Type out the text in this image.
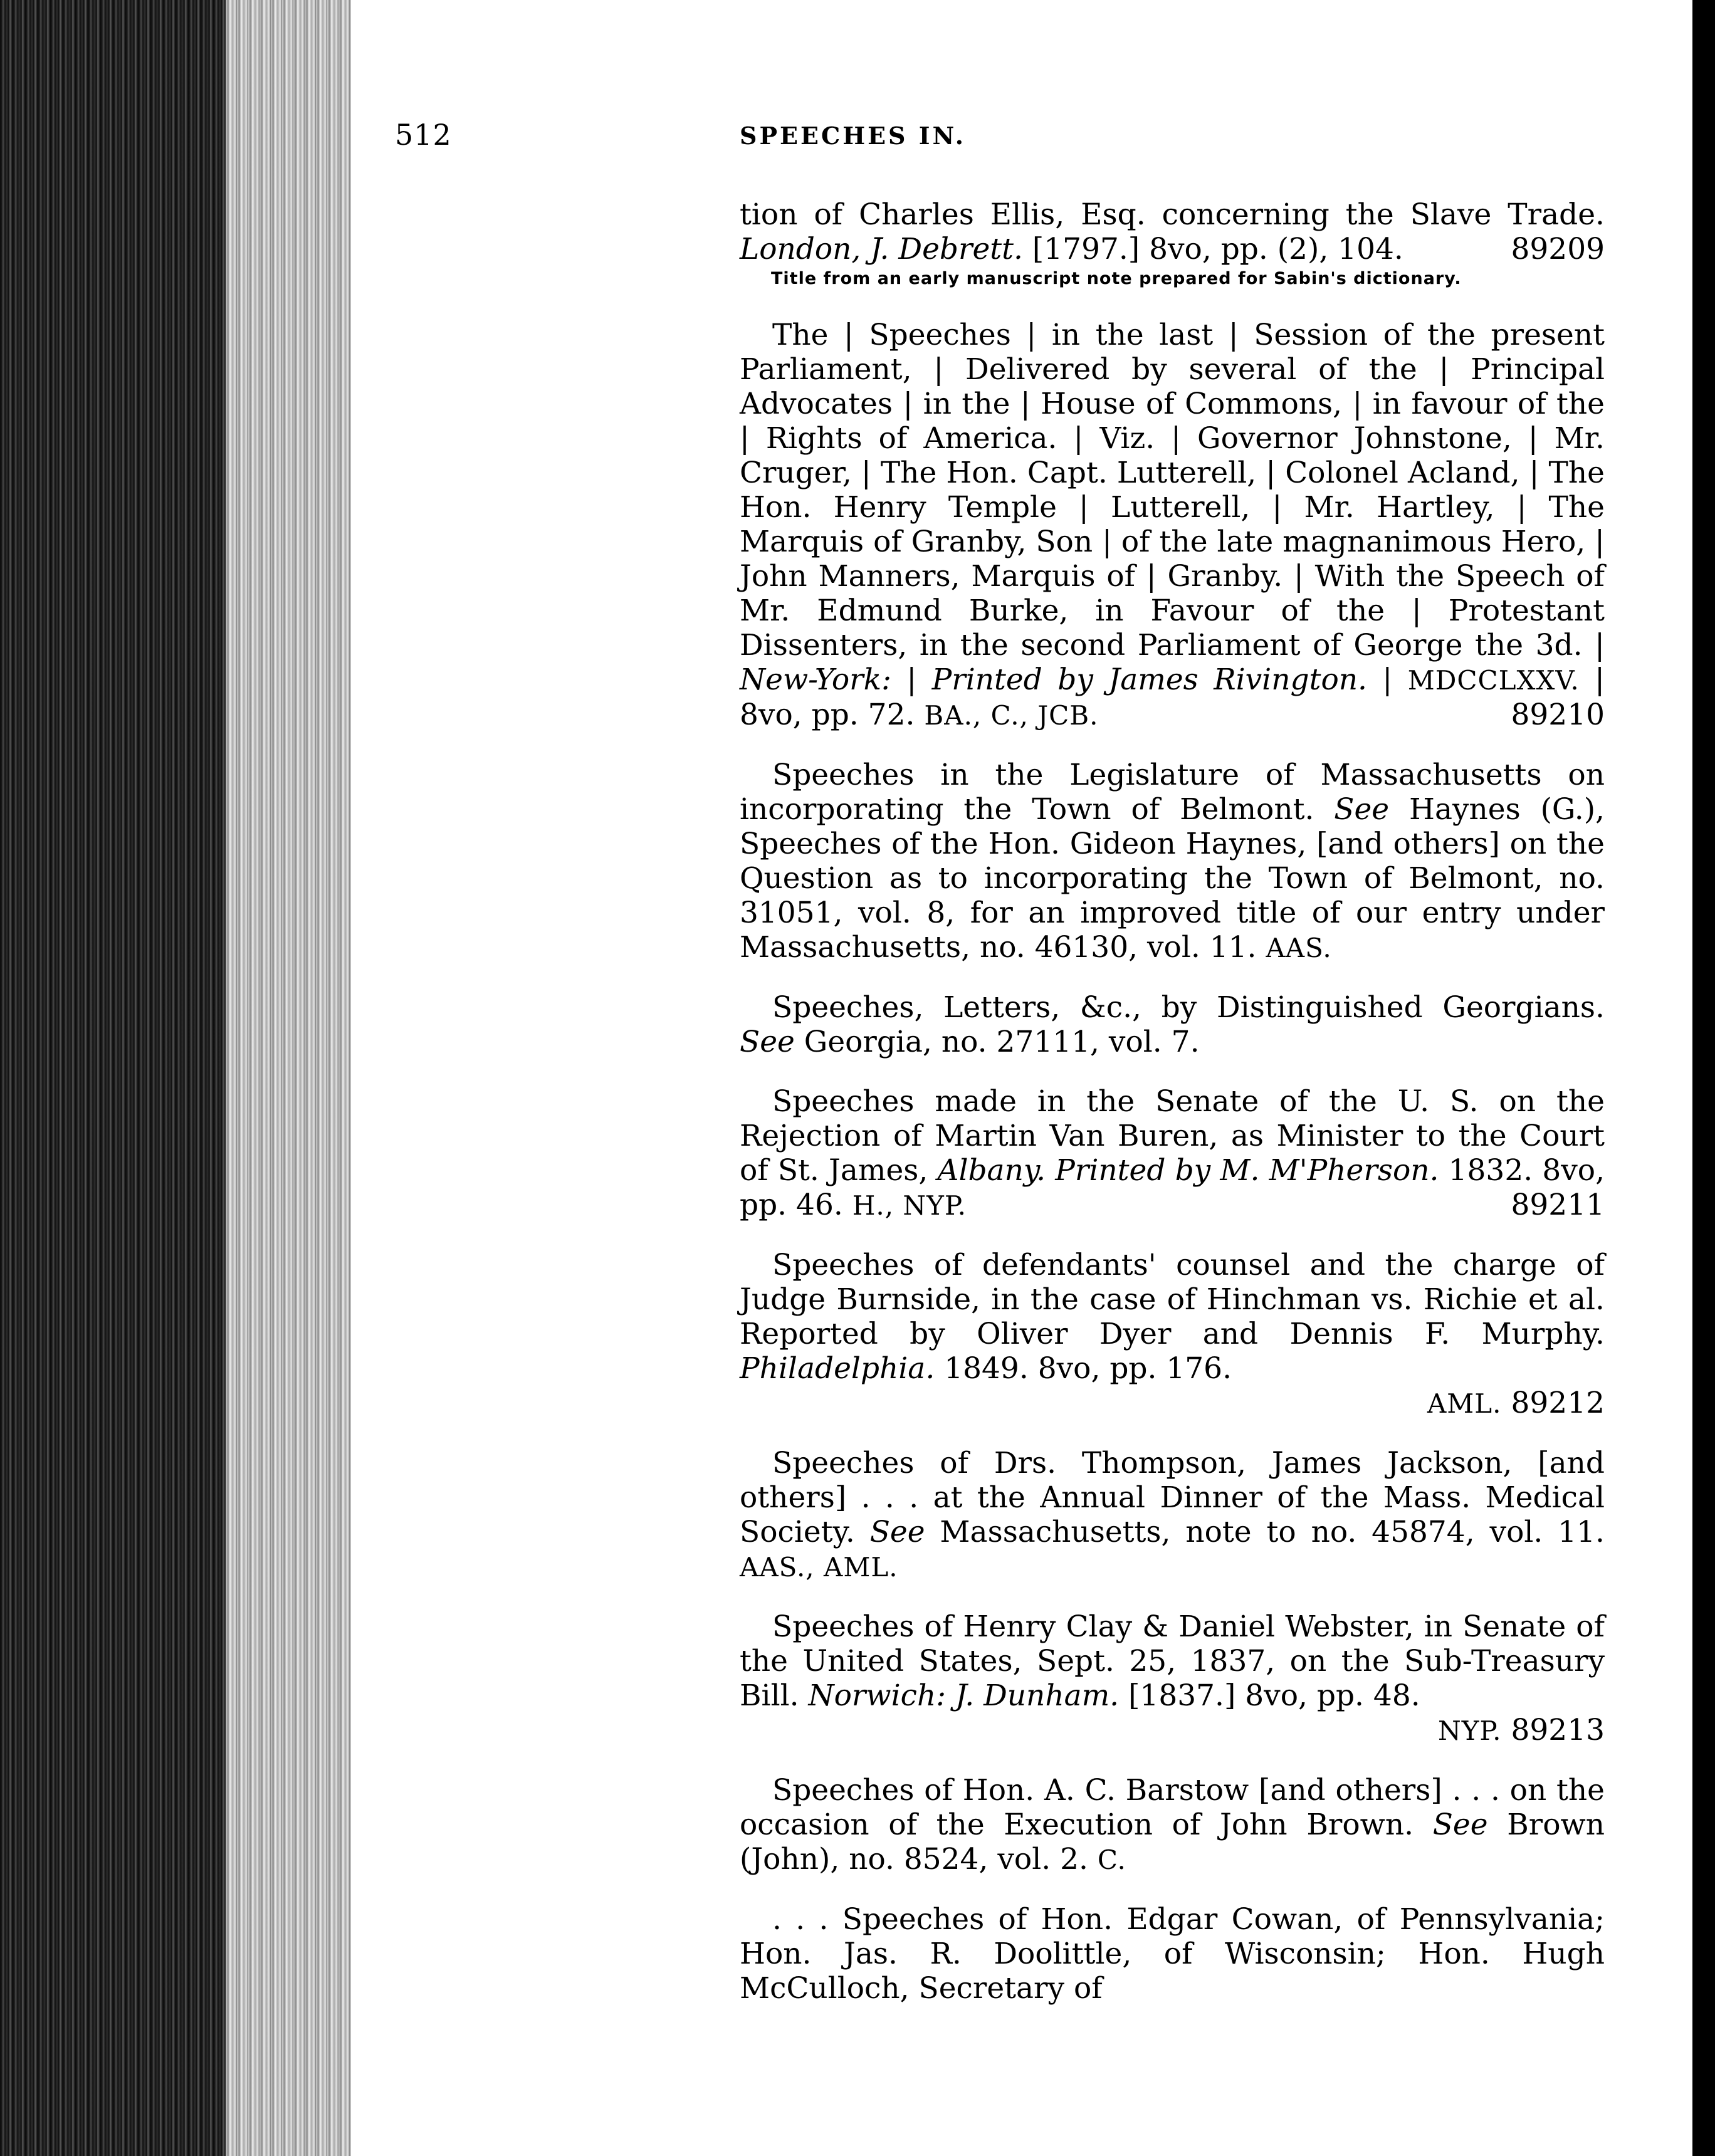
512	SPEECHES IN.
tion of Charles Ellis, Esq. concerning the Slave Trade. London, J. Debrett. [1797.] 8vo, pp. (2), 104.	89209
Title from an early manuscript note prepared for Sabin's dictionary.
The | Speeches | in the last | Session of the present Parliament, | Delivered by several of the | Principal Advocates | in the | House of Commons, | in favour of the | Rights of America. | Viz. | Governor Johnstone, | Mr. Cruger, | The Hon. Capt. Lutterell, | Colonel Acland, | The Hon. Henry Temple | Lutterell, | Mr. Hartley, | The Marquis of Granby, Son | of the late magnanimous Hero, | John Manners, Marquis of | Granby. | With the Speech of Mr. Edmund Burke, in Favour of the | Protestant Dissenters, in the second Parliament of George the 3d. | New-York: | Printed by James Rivington. | MDCCLXXV. | 8vo, pp. 72. BA., C., JCB.	89210
Speeches in the Legislature of Massachusetts on incorporating the Town of Belmont. See Haynes (G.), Speeches of the Hon. Gideon Haynes, [and others] on the Question as to incorporating the Town of Belmont, no. 31051, vol. 8, for an improved title of our entry under Massachusetts, no. 46130, vol. 11. AAS.
Speeches, Letters, &c., by Distinguished Georgians. See Georgia, no. 27111, vol. 7.
Speeches made in the Senate of the U. S. on the Rejection of Martin Van Buren, as Minister to the Court of St. James, Albany. Printed by M. M'Pherson. 1832. 8vo, pp. 46. H., NYP.	89211
Speeches of defendants' counsel and the charge of Judge Burnside, in the case of Hinchman vs. Richie et al. Reported by Oliver Dyer and Dennis F. Murphy. Philadelphia. 1849. 8vo, pp. 176.
AML. 89212
Speeches of Drs. Thompson, James Jackson, [and others] . . . at the Annual Dinner of the Mass. Medical Society. See Massachusetts, note to no. 45874, vol. 11. AAS., AML.
Speeches of Henry Clay & Daniel Webster, in Senate of the United States, Sept. 25, 1837, on the Sub-Treasury Bill. Norwich: J. Dunham. [1837.] 8vo, pp. 48.
NYP. 89213
Speeches of Hon. A. C. Barstow [and others] . . . on the occasion of the Execution of John Brown. See Brown (John), no. 8524, vol. 2. C.
. . . Speeches of Hon. Edgar Cowan, of Pennsylvania; Hon. Jas. R. Doolittle, of Wisconsin; Hon. Hugh McCulloch, Secretary of
